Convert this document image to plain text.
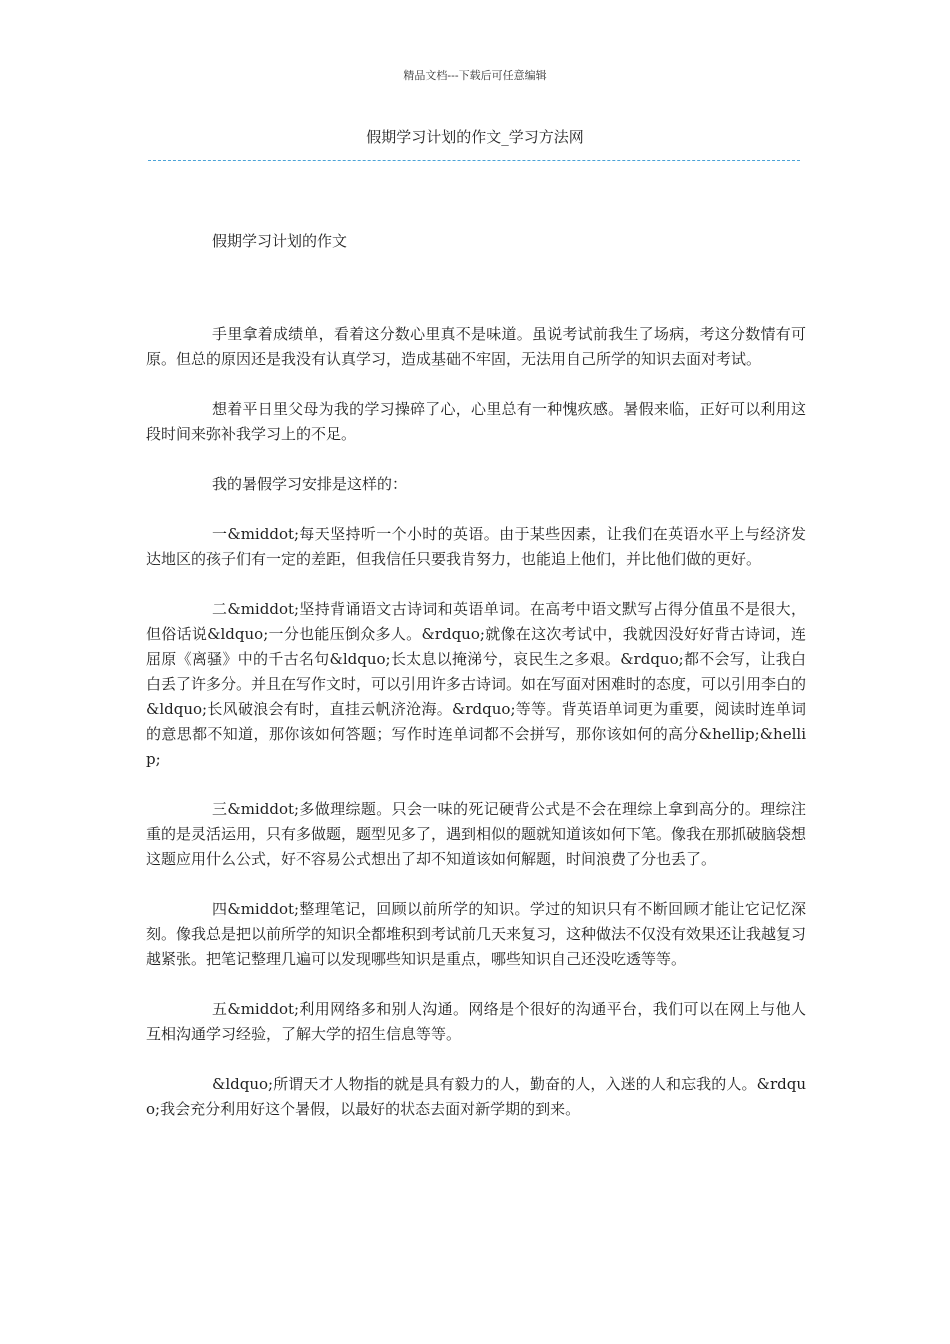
精品文档---下载后可任意编辑
假期学习计划的作文_学习方法网
假期学习计划的作文

手里拿着成绩单，看着这分数心里真不是味道。虽说考试前我生了场病，考这分数情有可原。但总的原因还是我没有认真学习，造成基础不牢固，无法用自己所学的知识去面对考试。

想着平日里父母为我的学习操碎了心，心里总有一种愧疚感。暑假来临，正好可以利用这段时间来弥补我学习上的不足。

我的暑假学习安排是这样的：

一&middot;每天坚持听一个小时的英语。由于某些因素，让我们在英语水平上与经济发达地区的孩子们有一定的差距，但我信任只要我肯努力，也能追上他们，并比他们做的更好。

二&middot;坚持背诵语文古诗词和英语单词。在高考中语文默写占得分值虽不是很大，但俗话说&ldquo;一分也能压倒众多人。&rdquo;就像在这次考试中，我就因没好好背古诗词，连屈原《离骚》中的千古名句&ldquo;长太息以掩涕兮，哀民生之多艰。&rdquo;都不会写，让我白白丢了许多分。并且在写作文时，可以引用许多古诗词。如在写面对困难时的态度，可以引用李白的&ldquo;长风破浪会有时，直挂云帆济沧海。&rdquo;等等。背英语单词更为重要，阅读时连单词的意思都不知道，那你该如何答题；写作时连单词都不会拼写，那你该如何的高分&hellip;&hellip;

三&middot;多做理综题。只会一味的死记硬背公式是不会在理综上拿到高分的。理综注重的是灵活运用，只有多做题，题型见多了，遇到相似的题就知道该如何下笔。像我在那抓破脑袋想这题应用什么公式，好不容易公式想出了却不知道该如何解题，时间浪费了分也丢了。

四&middot;整理笔记，回顾以前所学的知识。学过的知识只有不断回顾才能让它记忆深刻。像我总是把以前所学的知识全都堆积到考试前几天来复习，这种做法不仅没有效果还让我越复习越紧张。把笔记整理几遍可以发现哪些知识是重点，哪些知识自己还没吃透等等。

五&middot;利用网络多和别人沟通。网络是个很好的沟通平台，我们可以在网上与他人互相沟通学习经验，了解大学的招生信息等等。

&ldquo;所谓天才人物指的就是具有毅力的人，勤奋的人，入迷的人和忘我的人。&rdquo;我会充分利用好这个暑假，以最好的状态去面对新学期的到来。
